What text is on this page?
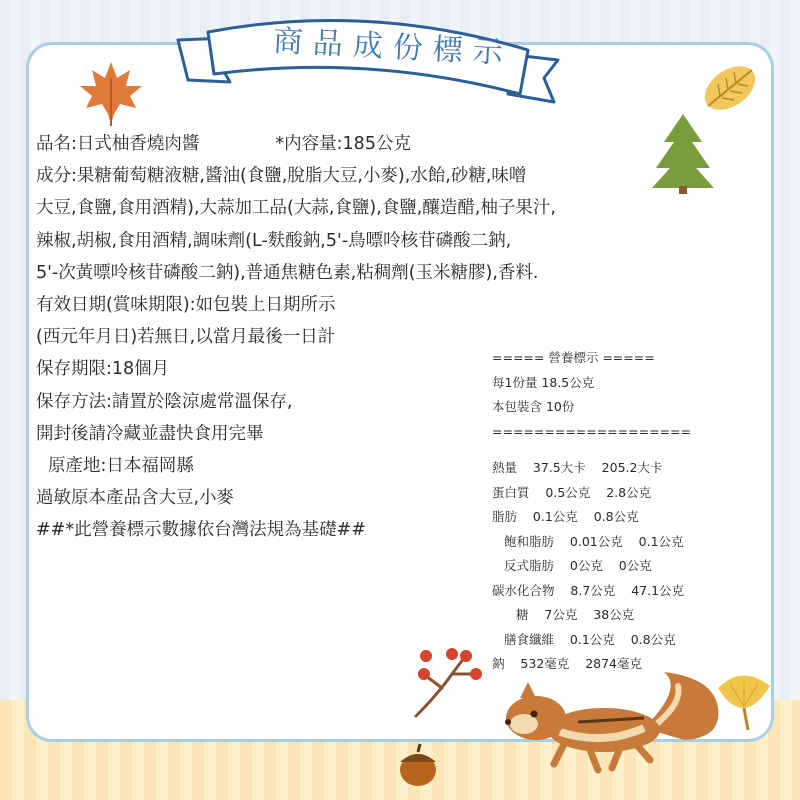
商品成份標示
品名:日式柚香燒肉醬	*内容量:185公克
成分:果糖葡萄糖液糖,醬油(食鹽,脫脂大豆,小麥),水飴,砂糖,味噌
大豆,食鹽,食用酒精),大蒜加工品(大蒜,食鹽),食鹽,釀造醋,柚子果汁,
辣椒,胡椒,食用酒精,調味劑(L-麩酸鈉,5'-鳥嘌呤核苷磷酸二鈉,
5'-次黃嘌呤核苷磷酸二鈉),普通焦糖色素,粘稠劑(玉米糖膠),香料.
有效日期(賞味期限):如包裝上日期所示
(西元年月日)若無日,以當月最後一日計
保存期限:18個月
保存方法:請置於陰涼處常溫保存,
開封後請冷藏並盡快食用完畢
原產地:日本福岡縣
過敏原本產品含大豆,小麥
##*此營養標示數據依台灣法規為基礎##
===== 營養標示 =====
每1份量 18.5公克
本包裝含 10份
===================
熱量 37.5大卡 205.2大卡
蛋白質 0.5公克 2.8公克
脂肪 0.1公克 0.8公克
飽和脂肪 0.01公克 0.1公克
反式脂肪 0公克 0公克
碳水化合物 8.7公克 47.1公克
糖 7公克 38公克
膳食纖維 0.1公克 0.8公克
鈉 532毫克 2874毫克
